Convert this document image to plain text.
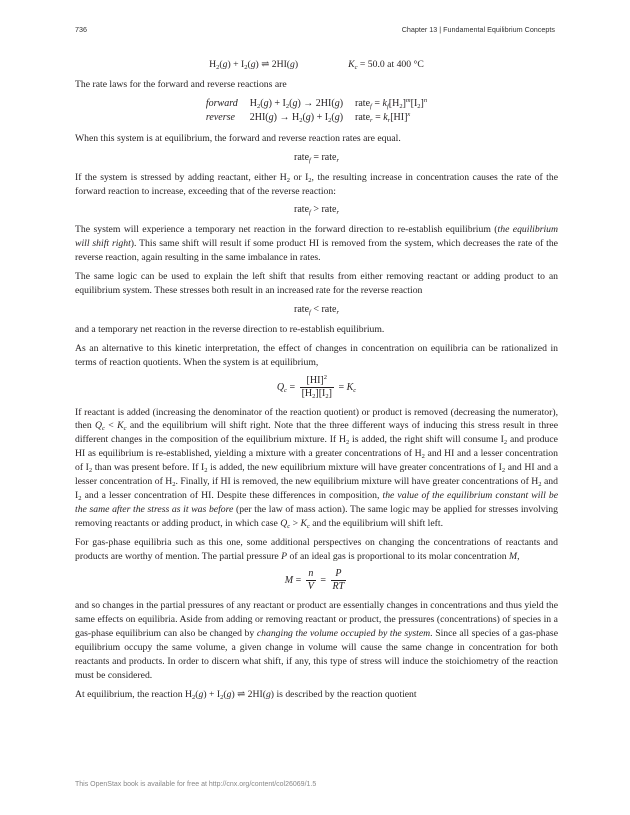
736	Chapter 13 | Fundamental Equilibrium Concepts
$H_2(g) + I_2(g)$ ⇌ 2HI(g)	$K_c = 50.0$ at 400 °C

The rate laws for the forward and reverse reactions are

forward	$H_2(g) + I_2(g) \to 2HI(g)$	rate$_f$ = $k_f[H_2]^m[I_2]^n$
reverse	$2HI(g) \to H_2(g) + I_2(g)$	rate$_r$ = $k_r[HI]^x$

When this system is at equilibrium, the forward and reverse reaction rates are equal.

rate$_f$ = rate$_r$

If the system is stressed by adding reactant, either $H_2$ or $I_2$, the resulting increase in concentration causes the rate of the forward reaction to increase, exceeding that of the reverse reaction:

rate$_f$ > rate$_r$

The system will experience a temporary net reaction in the forward direction to re-establish equilibrium (the equilibrium will shift right). This same shift will result if some product HI is removed from the system, which decreases the rate of the reverse reaction, again resulting in the same imbalance in rates.

The same logic can be used to explain the left shift that results from either removing reactant or adding product to an equilibrium system. These stresses both result in an increased rate for the reverse reaction

rate$_f$ < rate$_r$

and a temporary net reaction in the reverse direction to re-establish equilibrium.

As an alternative to this kinetic interpretation, the effect of changes in concentration on equilibria can be rationalized in terms of reaction quotients. When the system is at equilibrium,

$Q_c = \frac{[HI]^2}{[H_2][I_2]} = K_c$

If reactant is added (increasing the denominator of the reaction quotient) or product is removed (decreasing the numerator), then $Q_c < K_c$ and the equilibrium will shift right. Note that the three different ways of inducing this stress result in three different changes in the composition of the equilibrium mixture. If $H_2$ is added, the right shift will consume $I_2$ and produce HI as equilibrium is re-established, yielding a mixture with a greater concentrations of $H_2$ and HI and a lesser concentration of $I_2$ than was present before. If $I_2$ is added, the new equilibrium mixture will have greater concentrations of $I_2$ and HI and a lesser concentration of $H_2$. Finally, if HI is removed, the new equilibrium mixture will have greater concentrations of $H_2$ and $I_2$ and a lesser concentration of HI. Despite these differences in composition, the value of the equilibrium constant will be the same after the stress as it was before (per the law of mass action). The same logic may be applied for stresses involving removing reactants or adding product, in which case $Q_c > K_c$ and the equilibrium will shift left.

For gas-phase equilibria such as this one, some additional perspectives on changing the concentrations of reactants and products are worthy of mention. The partial pressure P of an ideal gas is proportional to its molar concentration M,

$M = \frac{n}{V} = \frac{P}{RT}$

and so changes in the partial pressures of any reactant or product are essentially changes in concentrations and thus yield the same effects on equilibria. Aside from adding or removing reactant or product, the pressures (concentrations) of species in a gas-phase equilibrium can also be changed by changing the volume occupied by the system. Since all species of a gas-phase equilibrium occupy the same volume, a given change in volume will cause the same change in concentration for both reactants and products. In order to discern what shift, if any, this type of stress will induce the stoichiometry of the reaction must be considered.

At equilibrium, the reaction $H_2(g) + I_2(g)$ ⇌ 2HI(g) is described by the reaction quotient

This OpenStax book is available for free at http://cnx.org/content/col26069/1.5
